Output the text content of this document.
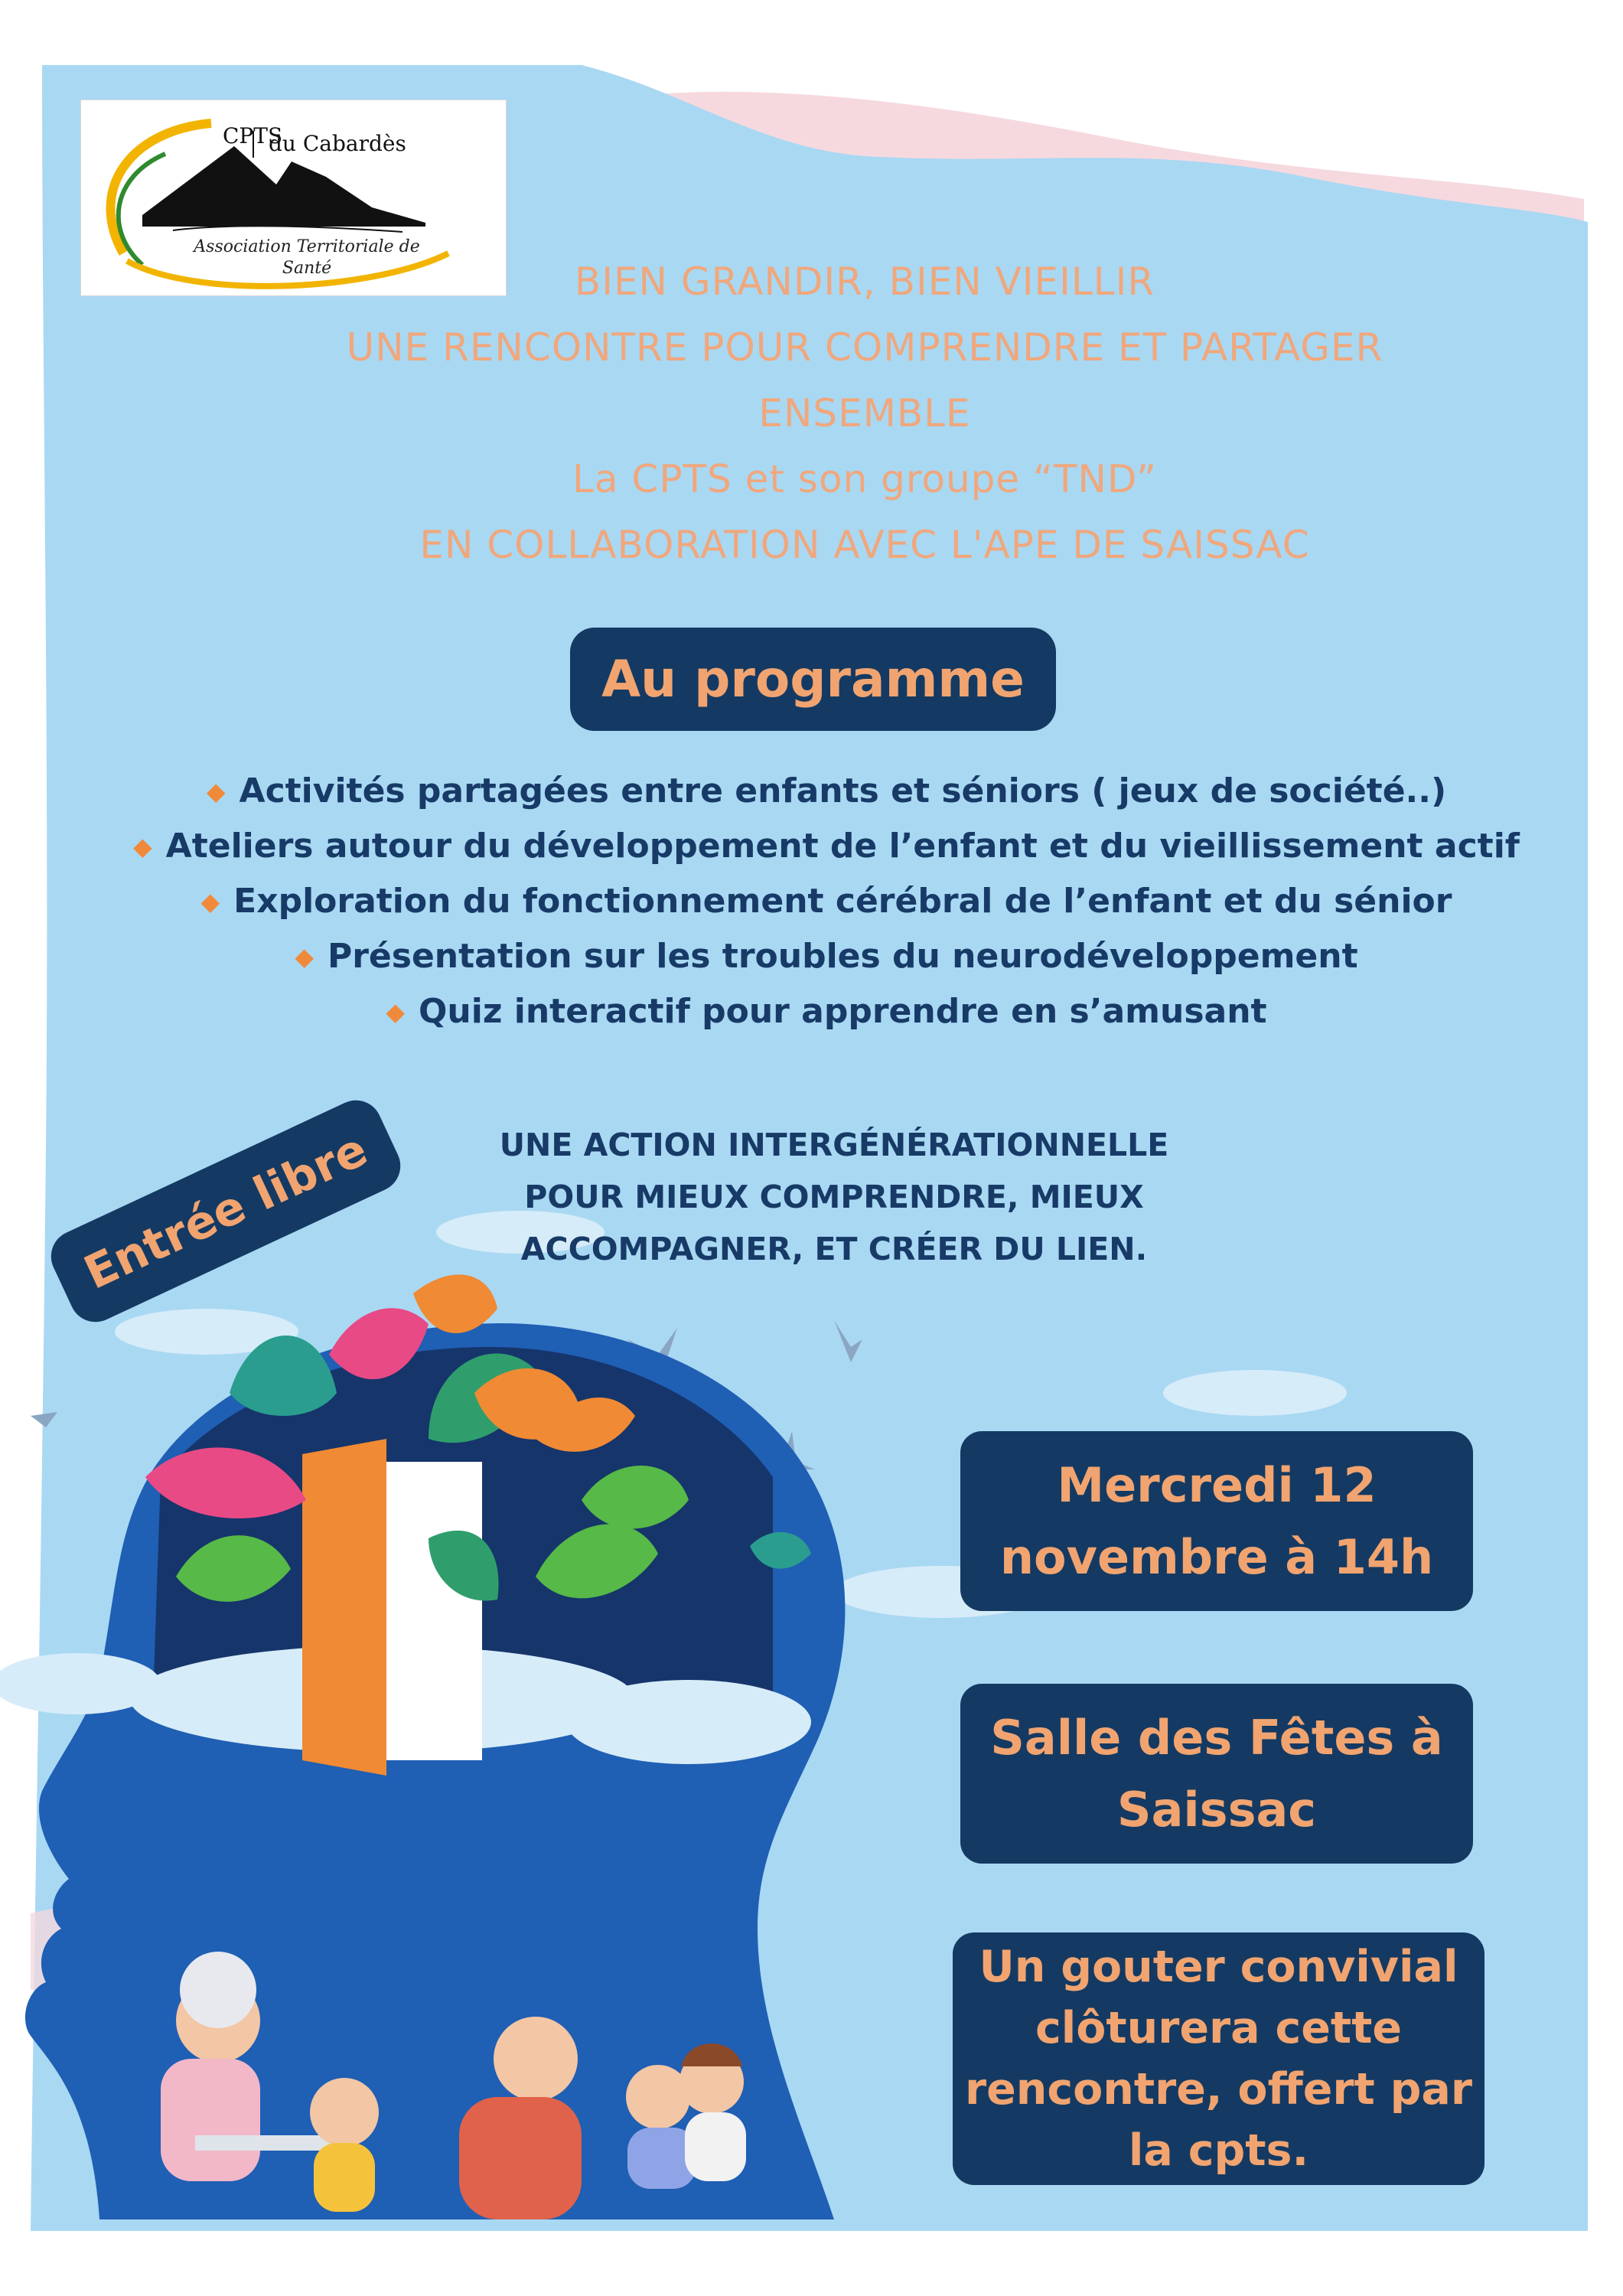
CPTS
du Cabardès
Association Territoriale de Santé	BIEN GRANDIR, BIEN VIEILLIR
UNE RENCONTRE POUR COMPRENDRE ET PARTAGER
ENSEMBLE
La CPTS et son groupe “TND”
EN COLLABORATION AVEC L'APE DE SAISSAC
Au programme
◆ Activités partagées entre enfants et séniors ( jeux de société..)
◆ Ateliers autour du développement de l’enfant et du vieillissement actif
◆ Exploration du fonctionnement cérébral de l’enfant et du sénior
◆ Présentation sur les troubles du neurodéveloppement
◆ Quiz interactif pour apprendre en s’amusant
Entrée libre	UNE ACTION INTERGÉNÉRATIONNELLE
POUR MIEUX COMPRENDRE, MIEUX
ACCOMPAGNER, ET CRÉER DU LIEN.
Mercredi 12
novembre à 14h
Salle des Fêtes à
Saissac
Un gouter convivial
clôturera cette
rencontre, offert par
la cpts.
